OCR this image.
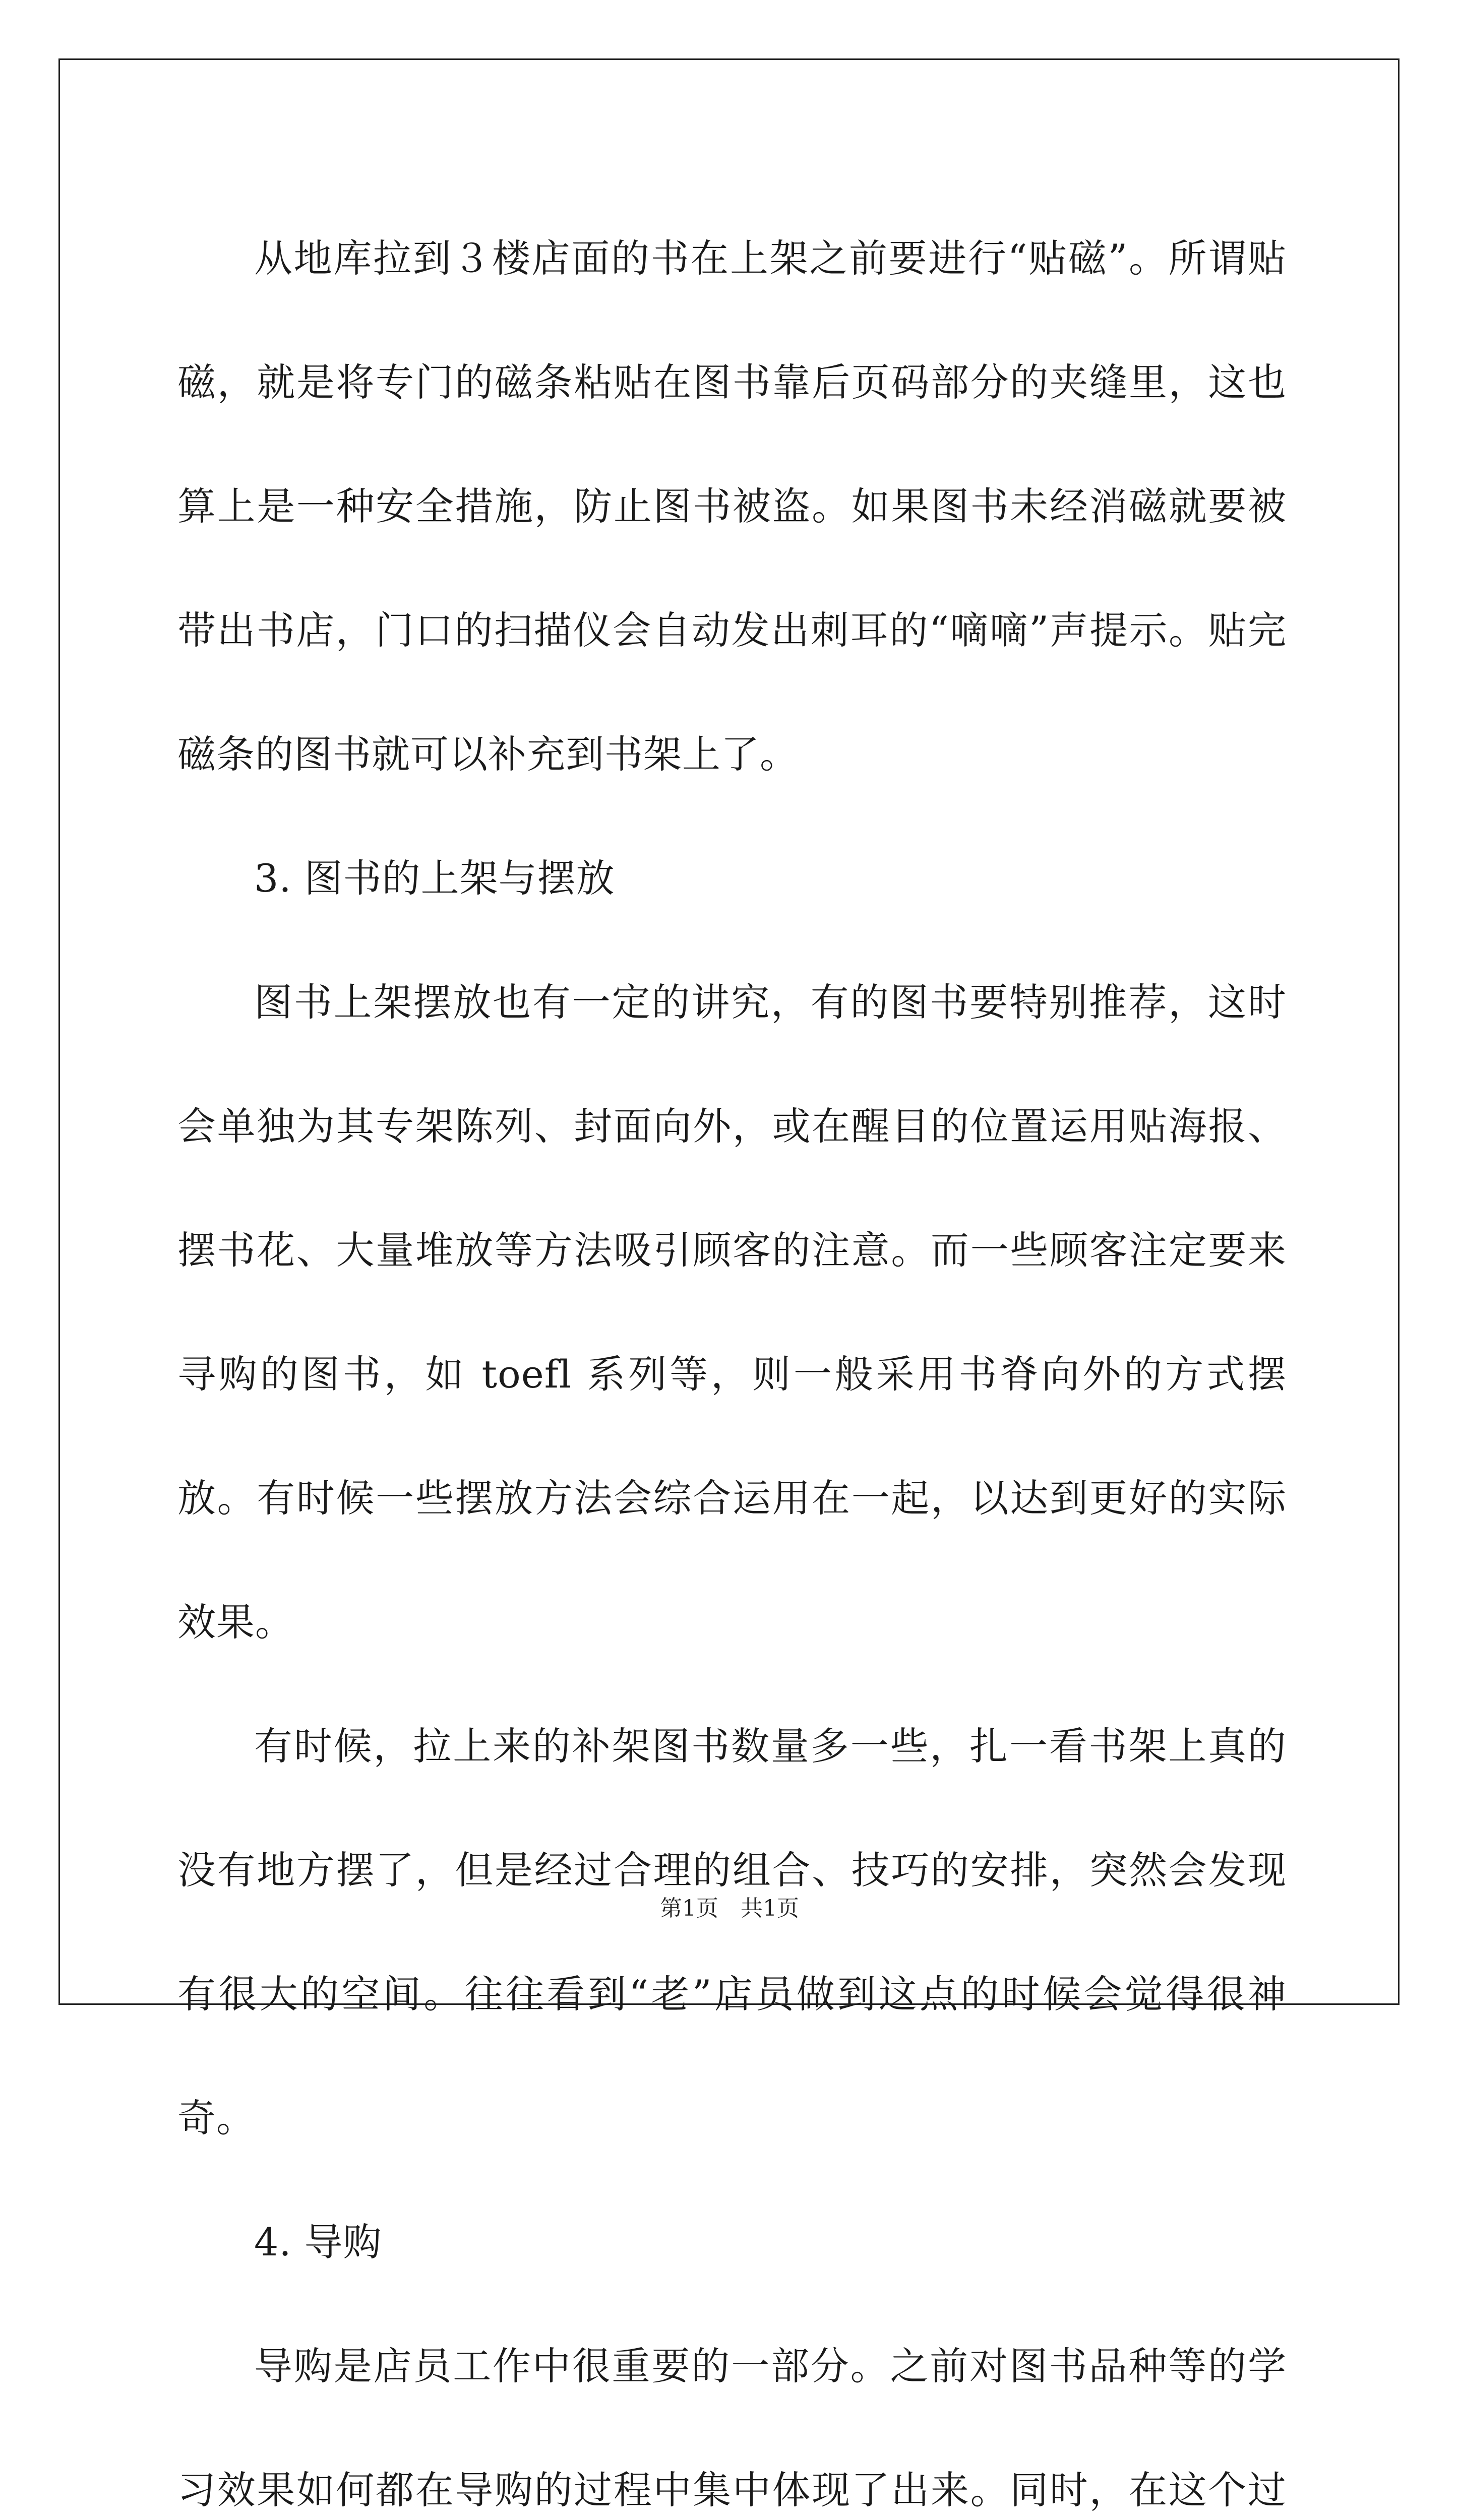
从地库拉到３楼店面的书在上架之前要进行“贴磁”。所谓贴磁，就是将专门的磁条粘贴在图书靠后页码部分的夹缝里，这也算上是一种安全措施，防止图书被盗。如果图书未经消磁就要被带出书店，门口的扫描仪会自动发出刺耳的“嘀嘀”声提示。贴完磁条的图书就可以补充到书架上了。

3. 图书的上架与摆放

图书上架摆放也有一定的讲究，有的图书要特别推荐，这时会单独为其专架陈列、封面向外，或在醒目的位置运用贴海报、摆书花、大量堆放等方法吸引顾客的注意。而一些顾客注定要来寻购的图书，如 toefl 系列等，则一般采用书脊向外的方式摆放。有时候一些摆放方法会综合运用在一起，以达到更好的实际效果。

有时候，拉上来的补架图书数量多一些，扎一看书架上真的没有地方摆了，但是经过合理的组合、技巧的安排，突然会发现有很大的空间。往往看到“老”店员做到这点的时候会觉得很神奇。

4. 导购

导购是店员工作中很重要的一部分。之前对图书品种等的学习效果如何都在导购的过程中集中体现了出来。同时，在这个过

第1页 共1页
